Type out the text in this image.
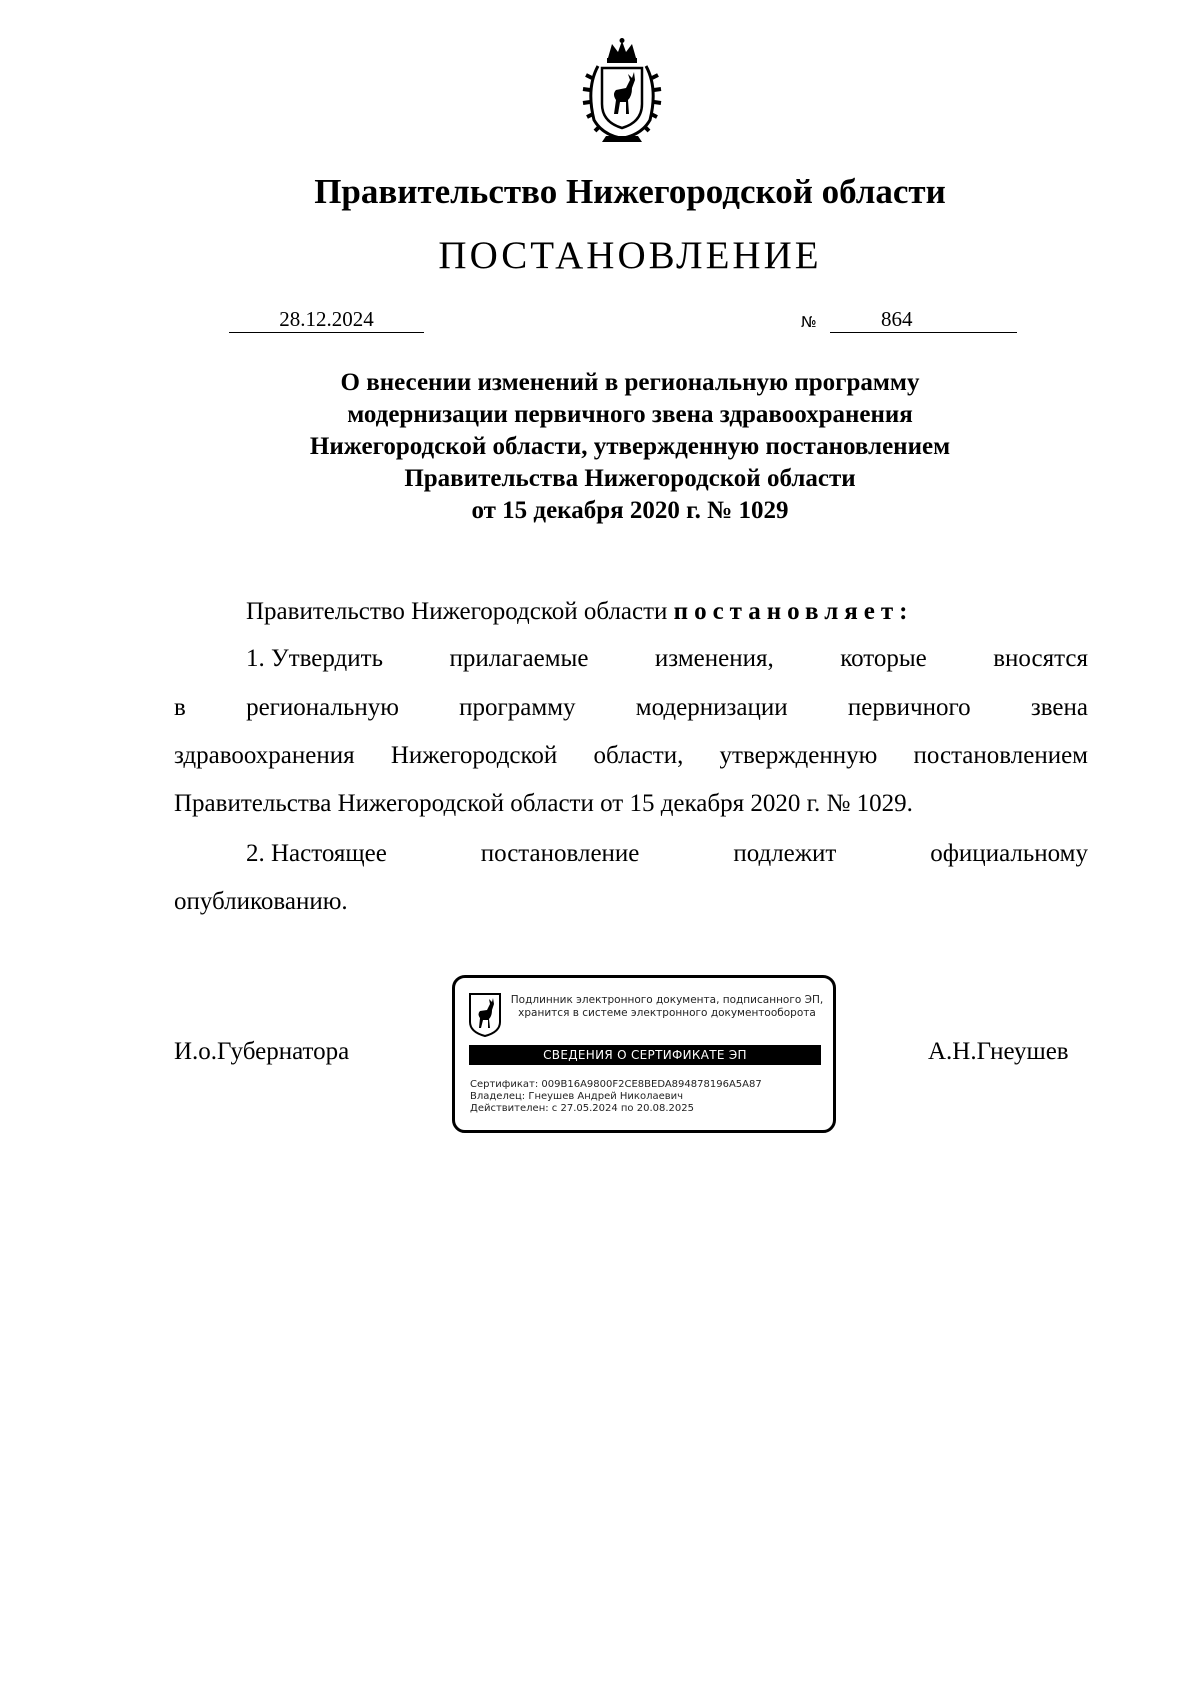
Правительство Нижегородской области
ПОСТАНОВЛЕНИЕ
28.12.2024	№	864
О внесении изменений в региональную программу
модернизации первичного звена здравоохранения
Нижегородской области, утвержденную постановлением
Правительства Нижегородской области
от 15 декабря 2020 г. № 1029
Правительство Нижегородской области постановляет:
1. Утвердить	прилагаемые	изменения,	которые	вносятся
в региональную программу модернизации первичного звена
здравоохранения Нижегородской области, утвержденную постановлением
Правительства Нижегородской области от 15 декабря 2020 г. № 1029.
2. Настоящее	постановление	подлежит	официальному
опубликованию.
И.о.Губернатора	А.Н.Гнеушев
Подлинник электронного документа, подписанного ЭП,
хранится в системе электронного документооборота
СВЕДЕНИЯ О СЕРТИФИКАТЕ ЭП
Сертификат: 009B16A9800F2CE8BEDA894878196A5A87
Владелец: Гнеушев Андрей Николаевич
Действителен: с 27.05.2024 по 20.08.2025
